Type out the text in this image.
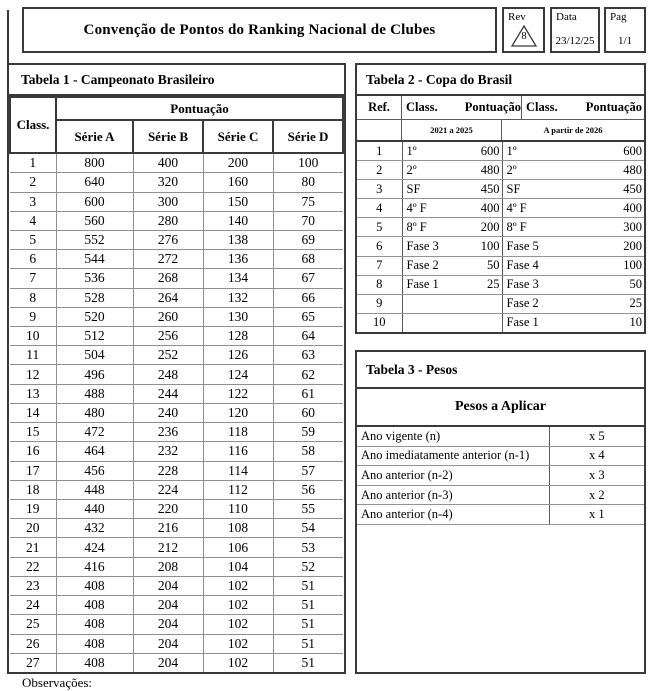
Convenção de Pontos do Ranking Nacional de Clubes
Rev
8
Data
23/12/25
Pag
1/1
Tabela 1 - Campeonato Brasileiro
Class.	Pontuação			
	Série A	Série B	Série C	Série D
1	800	400	200	100
2	640	320	160	80
3	600	300	150	75
4	560	280	140	70
5	552	276	138	69
6	544	272	136	68
7	536	268	134	67
8	528	264	132	66
9	520	260	130	65
10	512	256	128	64
11	504	252	126	63
12	496	248	124	62
13	488	244	122	61
14	480	240	120	60
15	472	236	118	59
16	464	232	116	58
17	456	228	114	57
18	448	224	112	56
19	440	220	110	55
20	432	216	108	54
21	424	212	106	53
22	416	208	104	52
23	408	204	102	51
24	408	204	102	51
25	408	204	102	51
26	408	204	102	51
27	408	204	102	51
Tabela 2 - Copa do Brasil
Ref.	Class.	Pontuação Class.	Pontuação
2021 a 2025	A partir de 2026
1	1º	600	1º	600
2	2º	480	2º	480
3	SF	450	SF	450
4	4º F	400	4º F	400
5	8º F	200	8º F	300
6	Fase 3	100	Fase 5	200
7	Fase 2	50	Fase 4	100
8	Fase 1	25	Fase 3	50
9			Fase 2	25
10			Fase 1	10
Tabela 3 - Pesos
Pesos a Aplicar
Ano vigente (n)	x 5
Ano imediatamente anterior (n-1)	x 4
Ano anterior (n-2)	x 3
Ano anterior (n-3)	x 2
Ano anterior (n-4)	x 1
Observações:
